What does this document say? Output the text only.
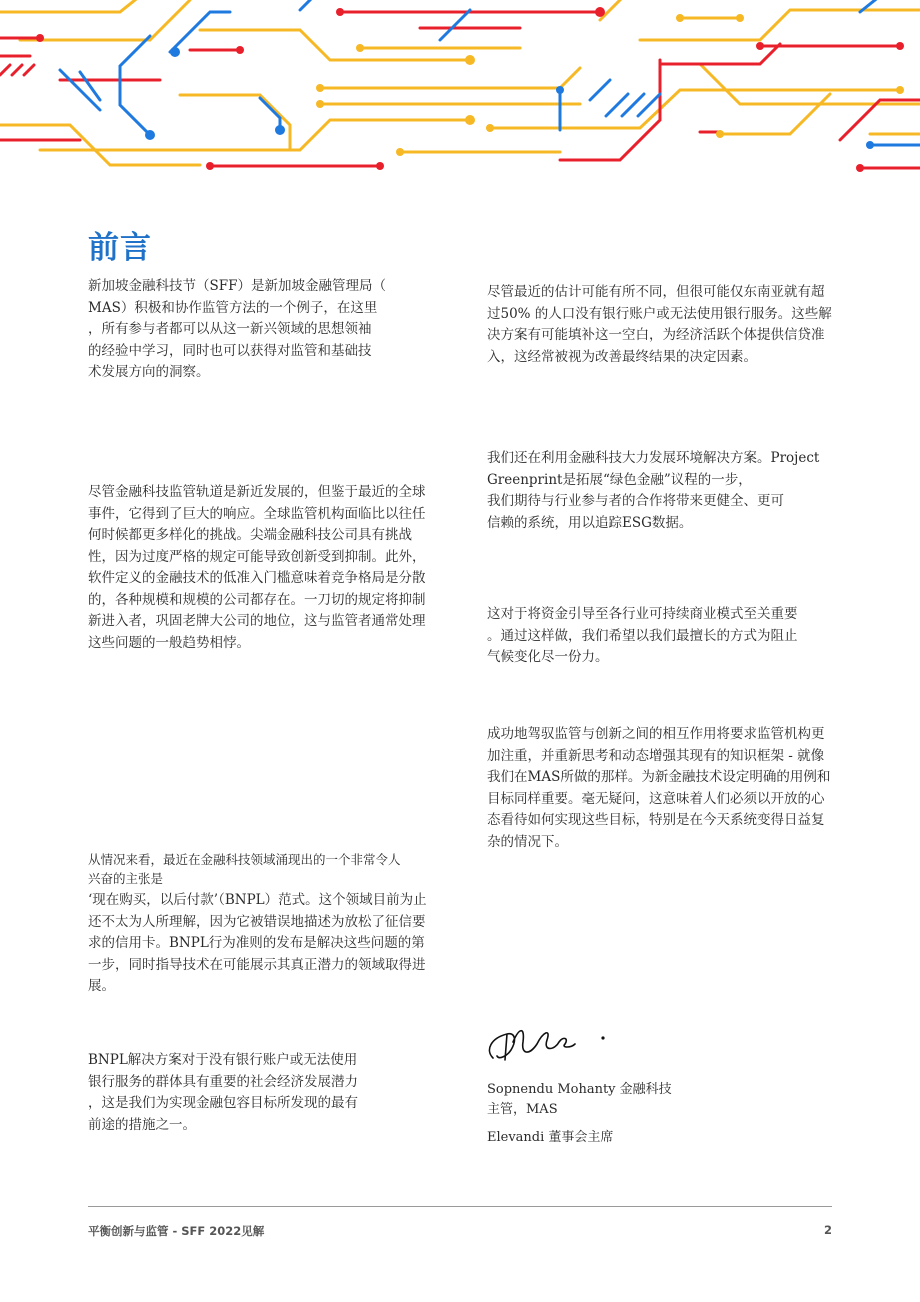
前言

新加坡金融科技节（SFF）是新加坡金融管理局（
MAS）积极和协作监管方法的一个例子，在这里
，所有参与者都可以从这一新兴领域的思想领袖
的经验中学习，同时也可以获得对监管和基础技
术发展方向的洞察。

尽管金融科技监管轨道是新近发展的，但鉴于最近的全球事件，它得到了巨大的响应。全球监管机构面临比以往任何时候都更多样化的挑战。尖端金融科技公司具有挑战性，因为过度严格的规定可能导致创新受到抑制。此外，软件定义的金融技术的低准入门槛意味着竞争格局是分散的，各种规模和规模的公司都存在。一刀切的规定将抑制新进入者，巩固老牌大公司的地位，这与监管者通常处理这些问题的一般趋势相悖。

从情况来看，最近在金融科技领域涌现出的一个非常令人
兴奋的主张是

‘现在购买，以后付款’（BNPL）范式。这个领域目前为止还不太为人所理解，因为它被错误地描述为放松了征信要求的信用卡。BNPL行为准则的发布是解决这些问题的第一步，同时指导技术在可能展示其真正潜力的领域取得进展。

BNPL解决方案对于没有银行账户或无法使用
银行服务的群体具有重要的社会经济发展潜力
，这是我们为实现金融包容目标所发现的最有
前途的措施之一。

尽管最近的估计可能有所不同，但很可能仅东南亚就有超过50% 的人口没有银行账户或无法使用银行服务。这些解决方案有可能填补这一空白，为经济活跃个体提供信贷准入，这经常被视为改善最终结果的决定因素。

我们还在利用金融科技大力发展环境解决方案。Project Greenprint是拓展“绿色金融”议程的一步，
我们期待与行业参与者的合作将带来更健全、更可
信赖的系统，用以追踪ESG数据。

这对于将资金引导至各行业可持续商业模式至关重要
。通过这样做，我们希望以我们最擅长的方式为阻止
气候变化尽一份力。

成功地驾驭监管与创新之间的相互作用将要求监管机构更加注重，并重新思考和动态增强其现有的知识框架 - 就像我们在MAS所做的那样。为新金融技术设定明确的用例和目标同样重要。毫无疑问，这意味着人们必须以开放的心态看待如何实现这些目标，特别是在今天系统变得日益复杂的情况下。

Sopnendu Mohanty 金融科技
主管，MAS

Elevandi 董事会主席

平衡创新与监管 - SFF 2022见解	2
